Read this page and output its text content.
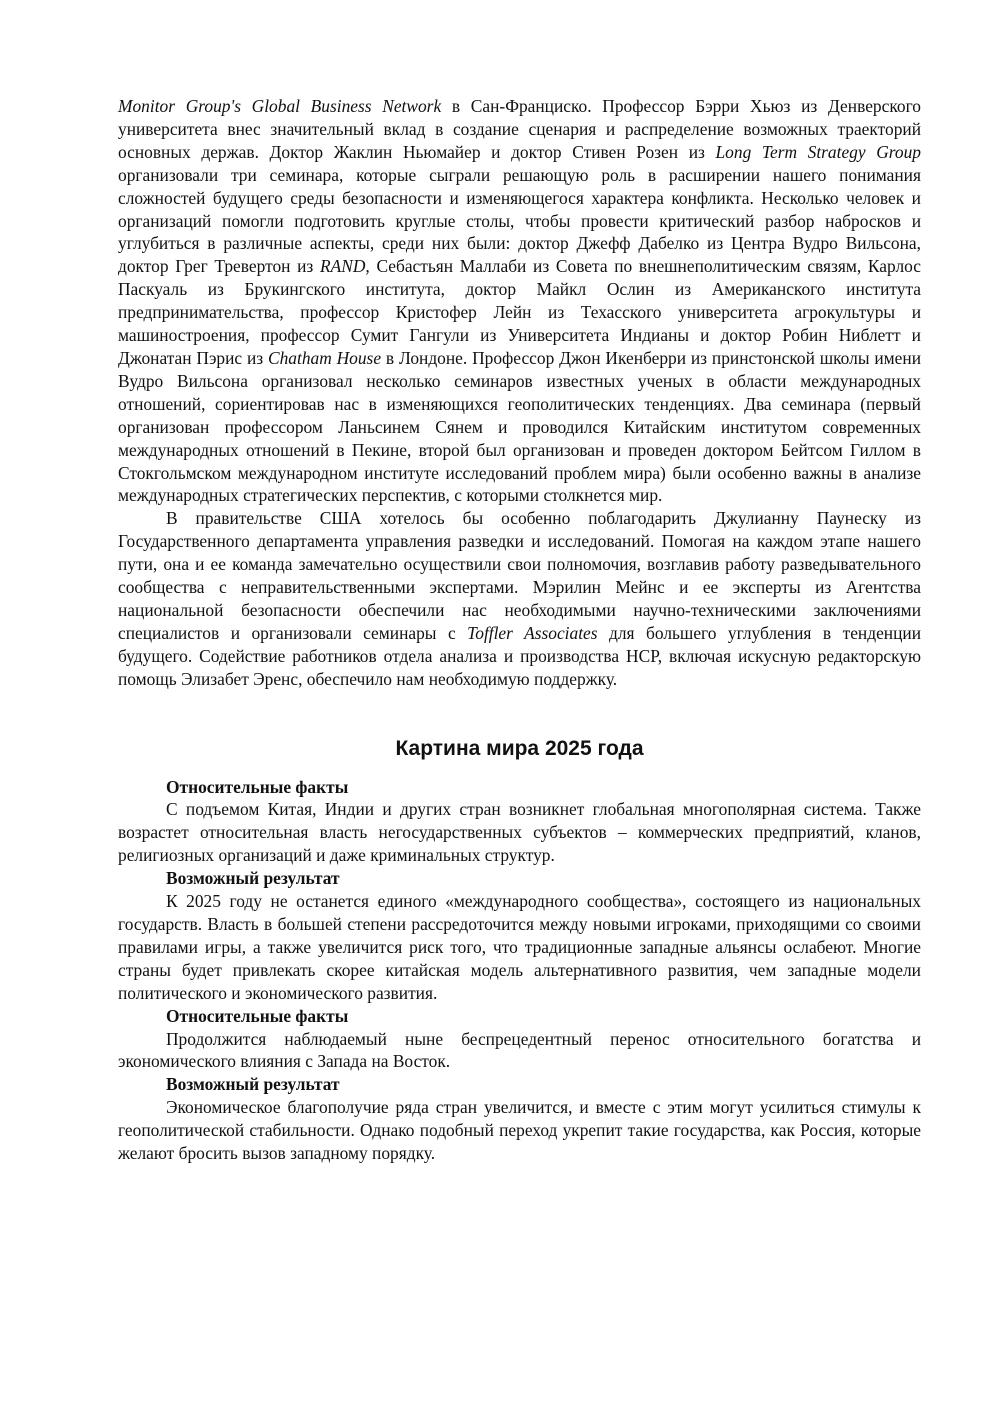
Monitor Group's Global Business Network в Сан-Франциско. Профессор Бэрри Хьюз из Денверского университета внес значительный вклад в создание сценария и распределение возможных траекторий основных держав. Доктор Жаклин Ньюмайер и доктор Стивен Розен из Long Term Strategy Group организовали три семинара, которые сыграли решающую роль в расширении нашего понимания сложностей будущего среды безопасности и изменяющегося характера конфликта. Несколько человек и организаций помогли подготовить круглые столы, чтобы провести критический разбор набросков и углубиться в различные аспекты, среди них были: доктор Джефф Дабелко из Центра Вудро Вильсона, доктор Грег Тревертон из RAND, Себастьян Маллаби из Совета по внешнеполитическим связям, Карлос Паскуаль из Брукингского института, доктор Майкл Ослин из Американского института предпринимательства, профессор Кристофер Лейн из Техасского университета агрокультуры и машиностроения, профессор Сумит Гангули из Университета Индианы и доктор Робин Ниблетт и Джонатан Пэрис из Chatham House в Лондоне. Профессор Джон Икенберри из принстонской школы имени Вудро Вильсона организовал несколько семинаров известных ученых в области международных отношений, сориентировав нас в изменяющихся геополитических тенденциях. Два семинара (первый организован профессором Ланьсинем Сянем и проводился Китайским институтом современных международных отношений в Пекине, второй был организован и проведен доктором Бейтсом Гиллом в Стокгольмском международном институте исследований проблем мира) были особенно важны в анализе международных стратегических перспектив, с которыми столкнется мир.

В правительстве США хотелось бы особенно поблагодарить Джулианну Паунеску из Государственного департамента управления разведки и исследований. Помогая на каждом этапе нашего пути, она и ее команда замечательно осуществили свои полномочия, возглавив работу разведывательного сообщества с неправительственными экспертами. Мэрилин Мейнс и ее эксперты из Агентства национальной безопасности обеспечили нас необходимыми научно-техническими заключениями специалистов и организовали семинары с Toffler Associates для большего углубления в тенденции будущего. Содействие работников отдела анализа и производства НСР, включая искусную редакторскую помощь Элизабет Эренс, обеспечило нам необходимую поддержку.

Картина мира 2025 года

Относительные факты

С подъемом Китая, Индии и других стран возникнет глобальная многополярная система. Также возрастет относительная власть негосударственных субъектов – коммерческих предприятий, кланов, религиозных организаций и даже криминальных структур.

Возможный результат

К 2025 году не останется единого «международного сообщества», состоящего из национальных государств. Власть в большей степени рассредоточится между новыми игроками, приходящими со своими правилами игры, а также увеличится риск того, что традиционные западные альянсы ослабеют. Многие страны будет привлекать скорее китайская модель альтернативного развития, чем западные модели политического и экономического развития.

Относительные факты

Продолжится наблюдаемый ныне беспрецедентный перенос относительного богатства и экономического влияния с Запада на Восток.

Возможный результат

Экономическое благополучие ряда стран увеличится, и вместе с этим могут усилиться стимулы к геополитической стабильности. Однако подобный переход укрепит такие государства, как Россия, которые желают бросить вызов западному порядку.
